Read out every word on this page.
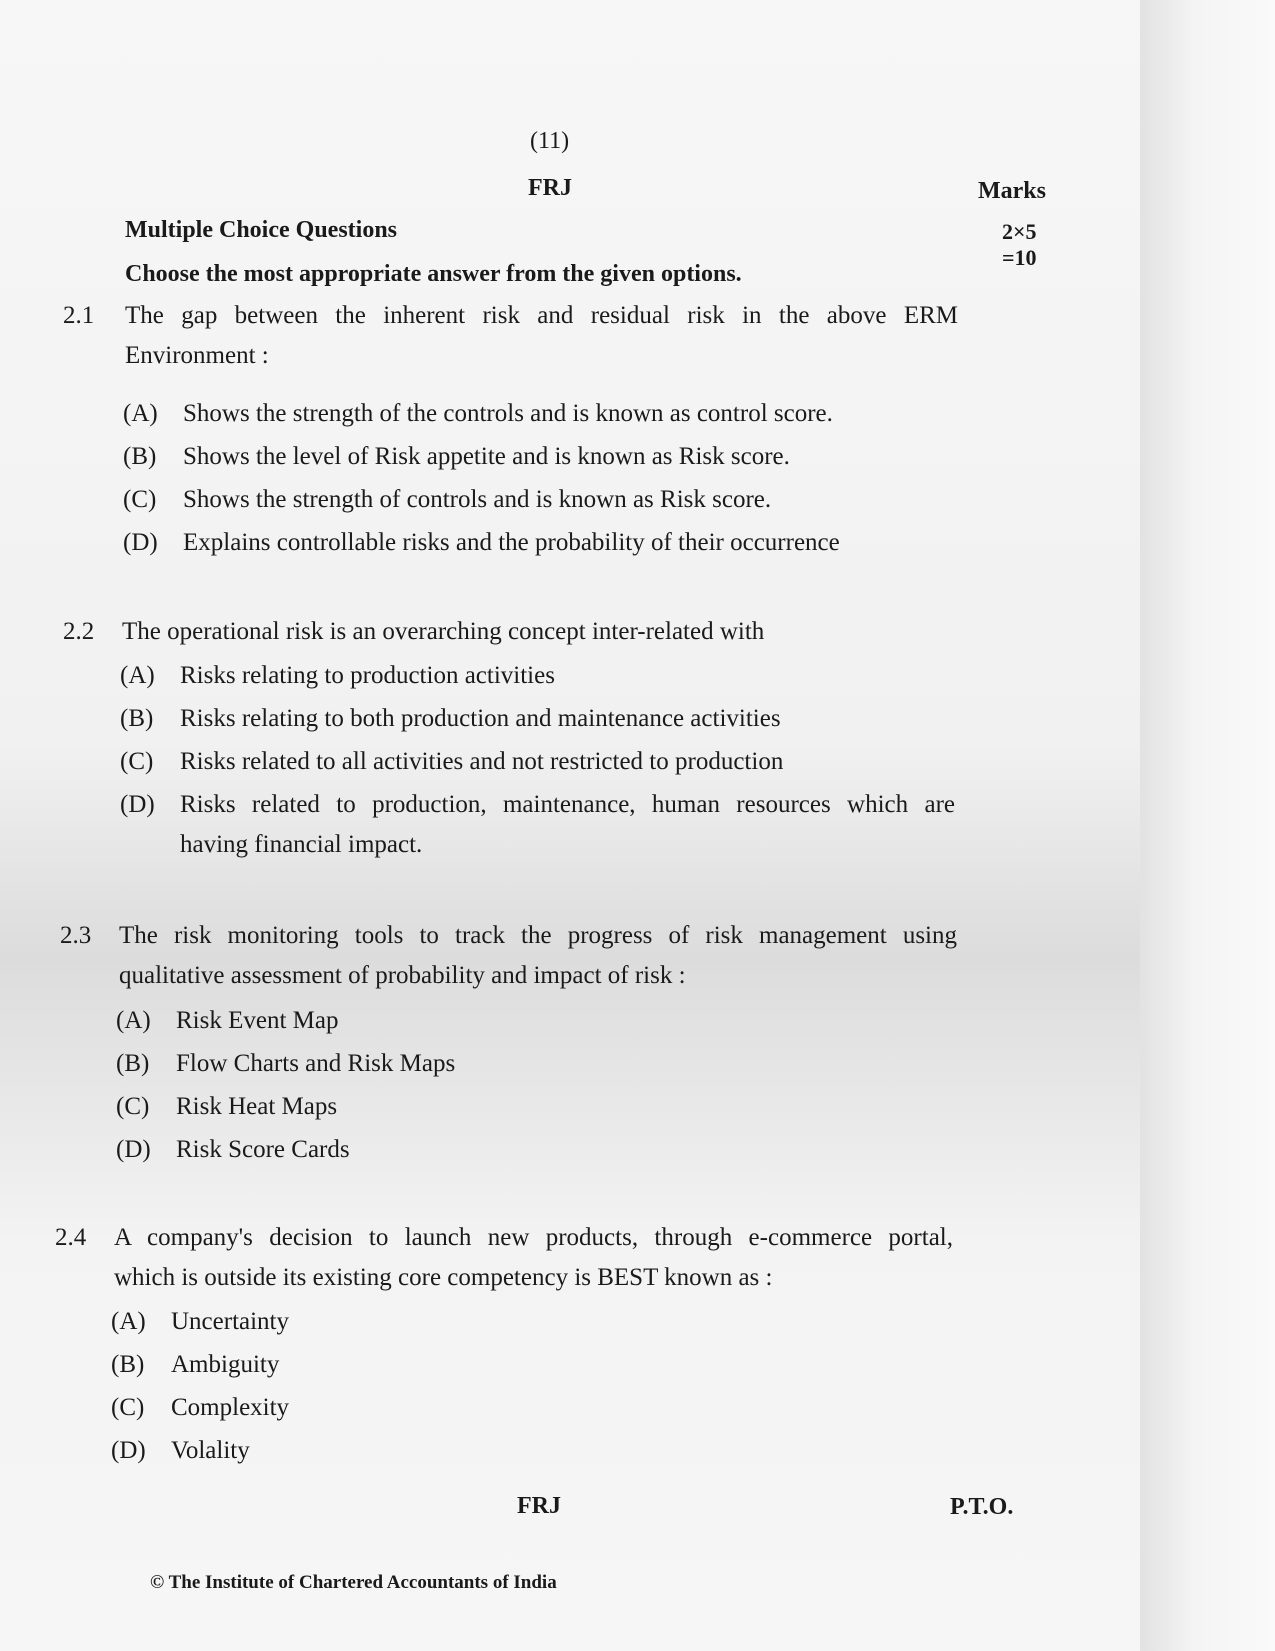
(11)
FRJ	Marks
Multiple Choice Questions
Choose the most appropriate answer from the given options.
2×5
=10
2.1 The gap between the inherent risk and residual risk in the above ERM
Environment :
(A) Shows the strength of the controls and is known as control score.
(B) Shows the level of Risk appetite and is known as Risk score.
(C) Shows the strength of controls and is known as Risk score.
(D) Explains controllable risks and the probability of their occurrence
2.2 The operational risk is an overarching concept inter-related with
(A) Risks relating to production activities
(B) Risks relating to both production and maintenance activities
(C) Risks related to all activities and not restricted to production
(D) Risks related to production, maintenance, human resources which are
having financial impact.
2.3 The risk monitoring tools to track the progress of risk management using
qualitative assessment of probability and impact of risk :
(A) Risk Event Map
(B) Flow Charts and Risk Maps
(C) Risk Heat Maps
(D) Risk Score Cards
2.4 A company's decision to launch new products, through e-commerce portal,
which is outside its existing core competency is BEST known as :
(A) Uncertainty
(B) Ambiguity
(C) Complexity
(D) Volality
FRJ	P.T.O.
© The Institute of Chartered Accountants of India
